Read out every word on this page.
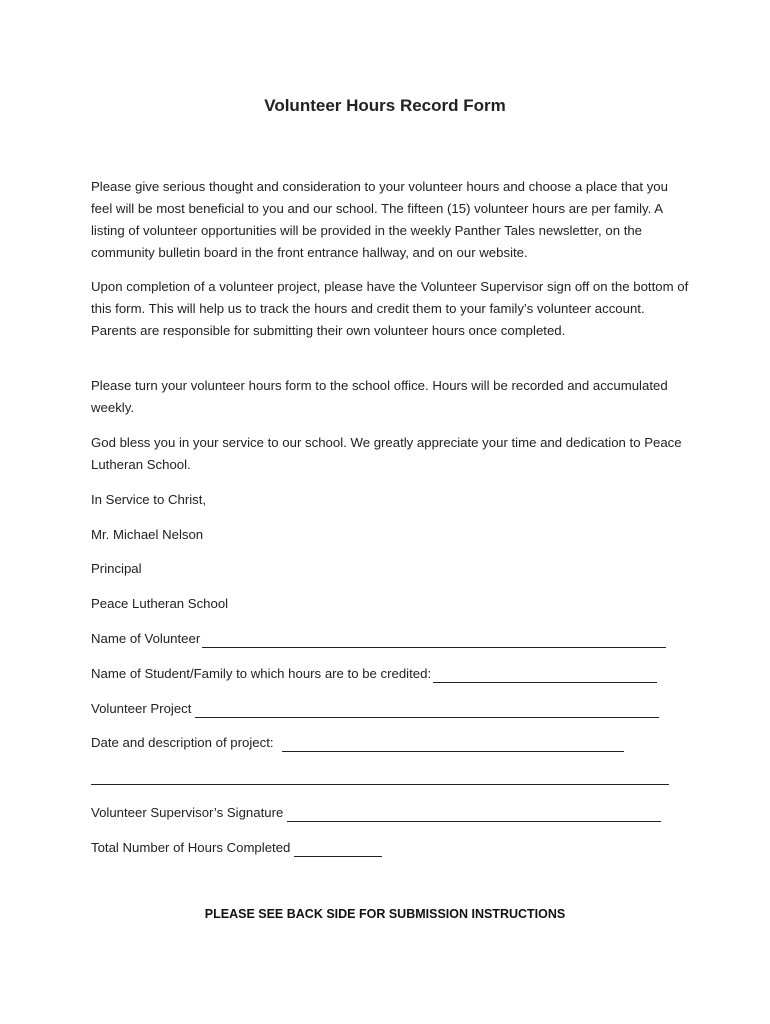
Volunteer Hours Record Form
Please give serious thought and consideration to your volunteer hours and choose a place that you feel will be most beneficial to you and our school. The fifteen (15) volunteer hours are per family. A listing of volunteer opportunities will be provided in the weekly Panther Tales newsletter, on the community bulletin board in the front entrance hallway, and on our website.
Upon completion of a volunteer project, please have the Volunteer Supervisor sign off on the bottom of this form. This will help us to track the hours and credit them to your family’s volunteer account. Parents are responsible for submitting their own volunteer hours once completed.
Please turn your volunteer hours form to the school office. Hours will be recorded and accumulated weekly.
God bless you in your service to our school. We greatly appreciate your time and dedication to Peace Lutheran School.
In Service to Christ,
Mr. Michael Nelson
Principal
Peace Lutheran School
Name of Volunteer
Name of Student/Family to which hours are to be credited:
Volunteer Project
Date and description of project:
Volunteer Supervisor’s Signature
Total Number of Hours Completed
PLEASE SEE BACK SIDE FOR SUBMISSION INSTRUCTIONS
